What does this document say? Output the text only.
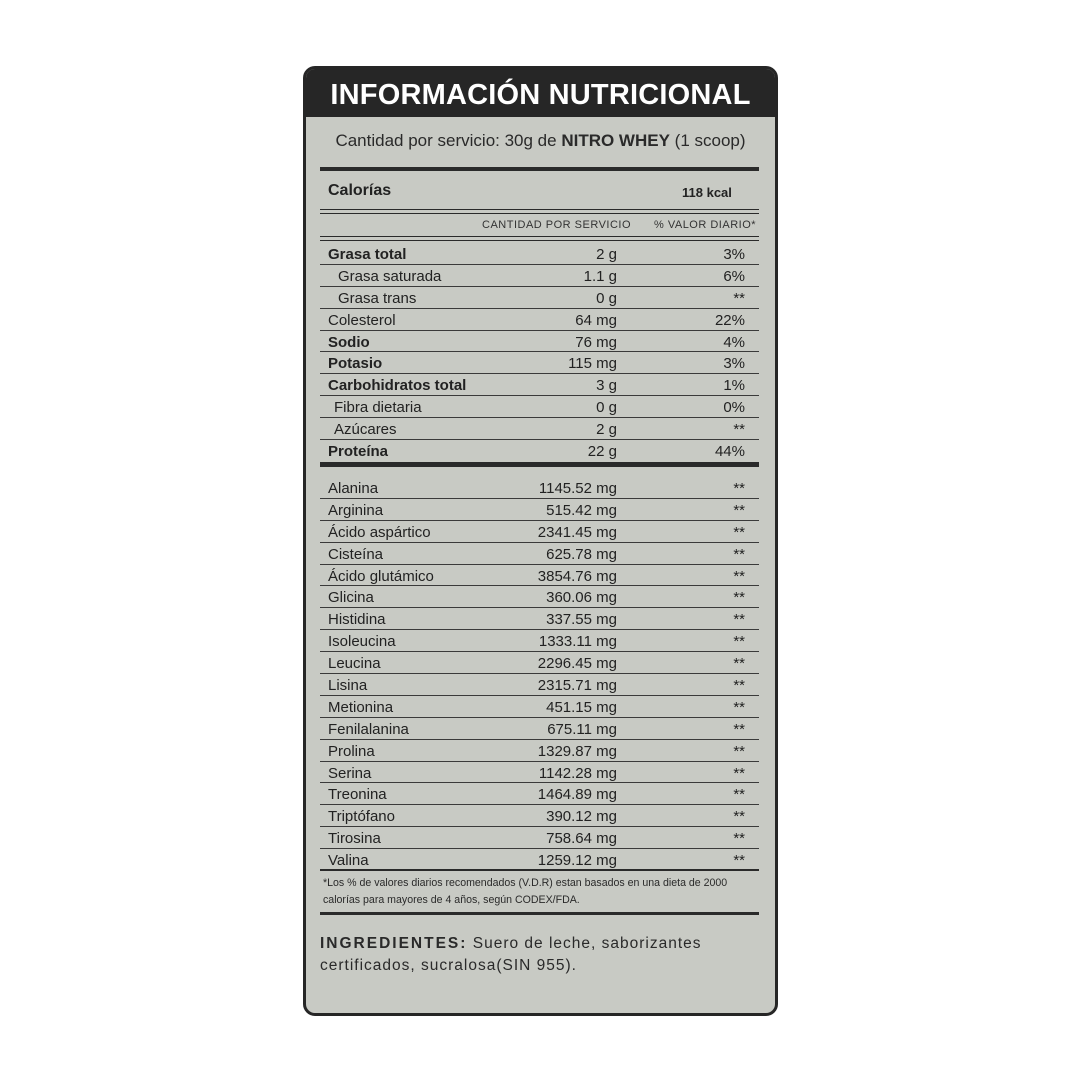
INFORMACIÓN NUTRICIONAL
Cantidad por servicio: 30g de NITRO WHEY (1 scoop)
Calorías	118 kcal
CANTIDAD POR SERVICIO % VALOR DIARIO*
Grasa total	2 g	3%
Grasa saturada	1.1 g	6%
Grasa trans	0 g	**
Colesterol	64 mg	22%
Sodio	76 mg	4%
Potasio	115 mg	3%
Carbohidratos total	3 g	1%
Fibra dietaria	0 g	0%
Azúcares	2 g	**
Proteína	22 g	44%
Alanina	1145.52 mg	**
Arginina	515.42 mg	**
Ácido aspártico	2341.45 mg	**
Cisteína	625.78 mg	**
Ácido glutámico	3854.76 mg	**
Glicina	360.06 mg	**
Histidina	337.55 mg	**
Isoleucina	1333.11 mg	**
Leucina	2296.45 mg	**
Lisina	2315.71 mg	**
Metionina	451.15 mg	**
Fenilalanina	675.11 mg	**
Prolina	1329.87 mg	**
Serina	1142.28 mg	**
Treonina	1464.89 mg	**
Triptófano	390.12 mg	**
Tirosina	758.64 mg	**
Valina	1259.12 mg	**
*Los % de valores diarios recomendados (V.D.R) estan basados en una dieta de 2000 calorías para mayores de 4 años, según CODEX/FDA.
INGREDIENTES: Suero de leche, saborizantes certificados, sucralosa(SIN 955).
